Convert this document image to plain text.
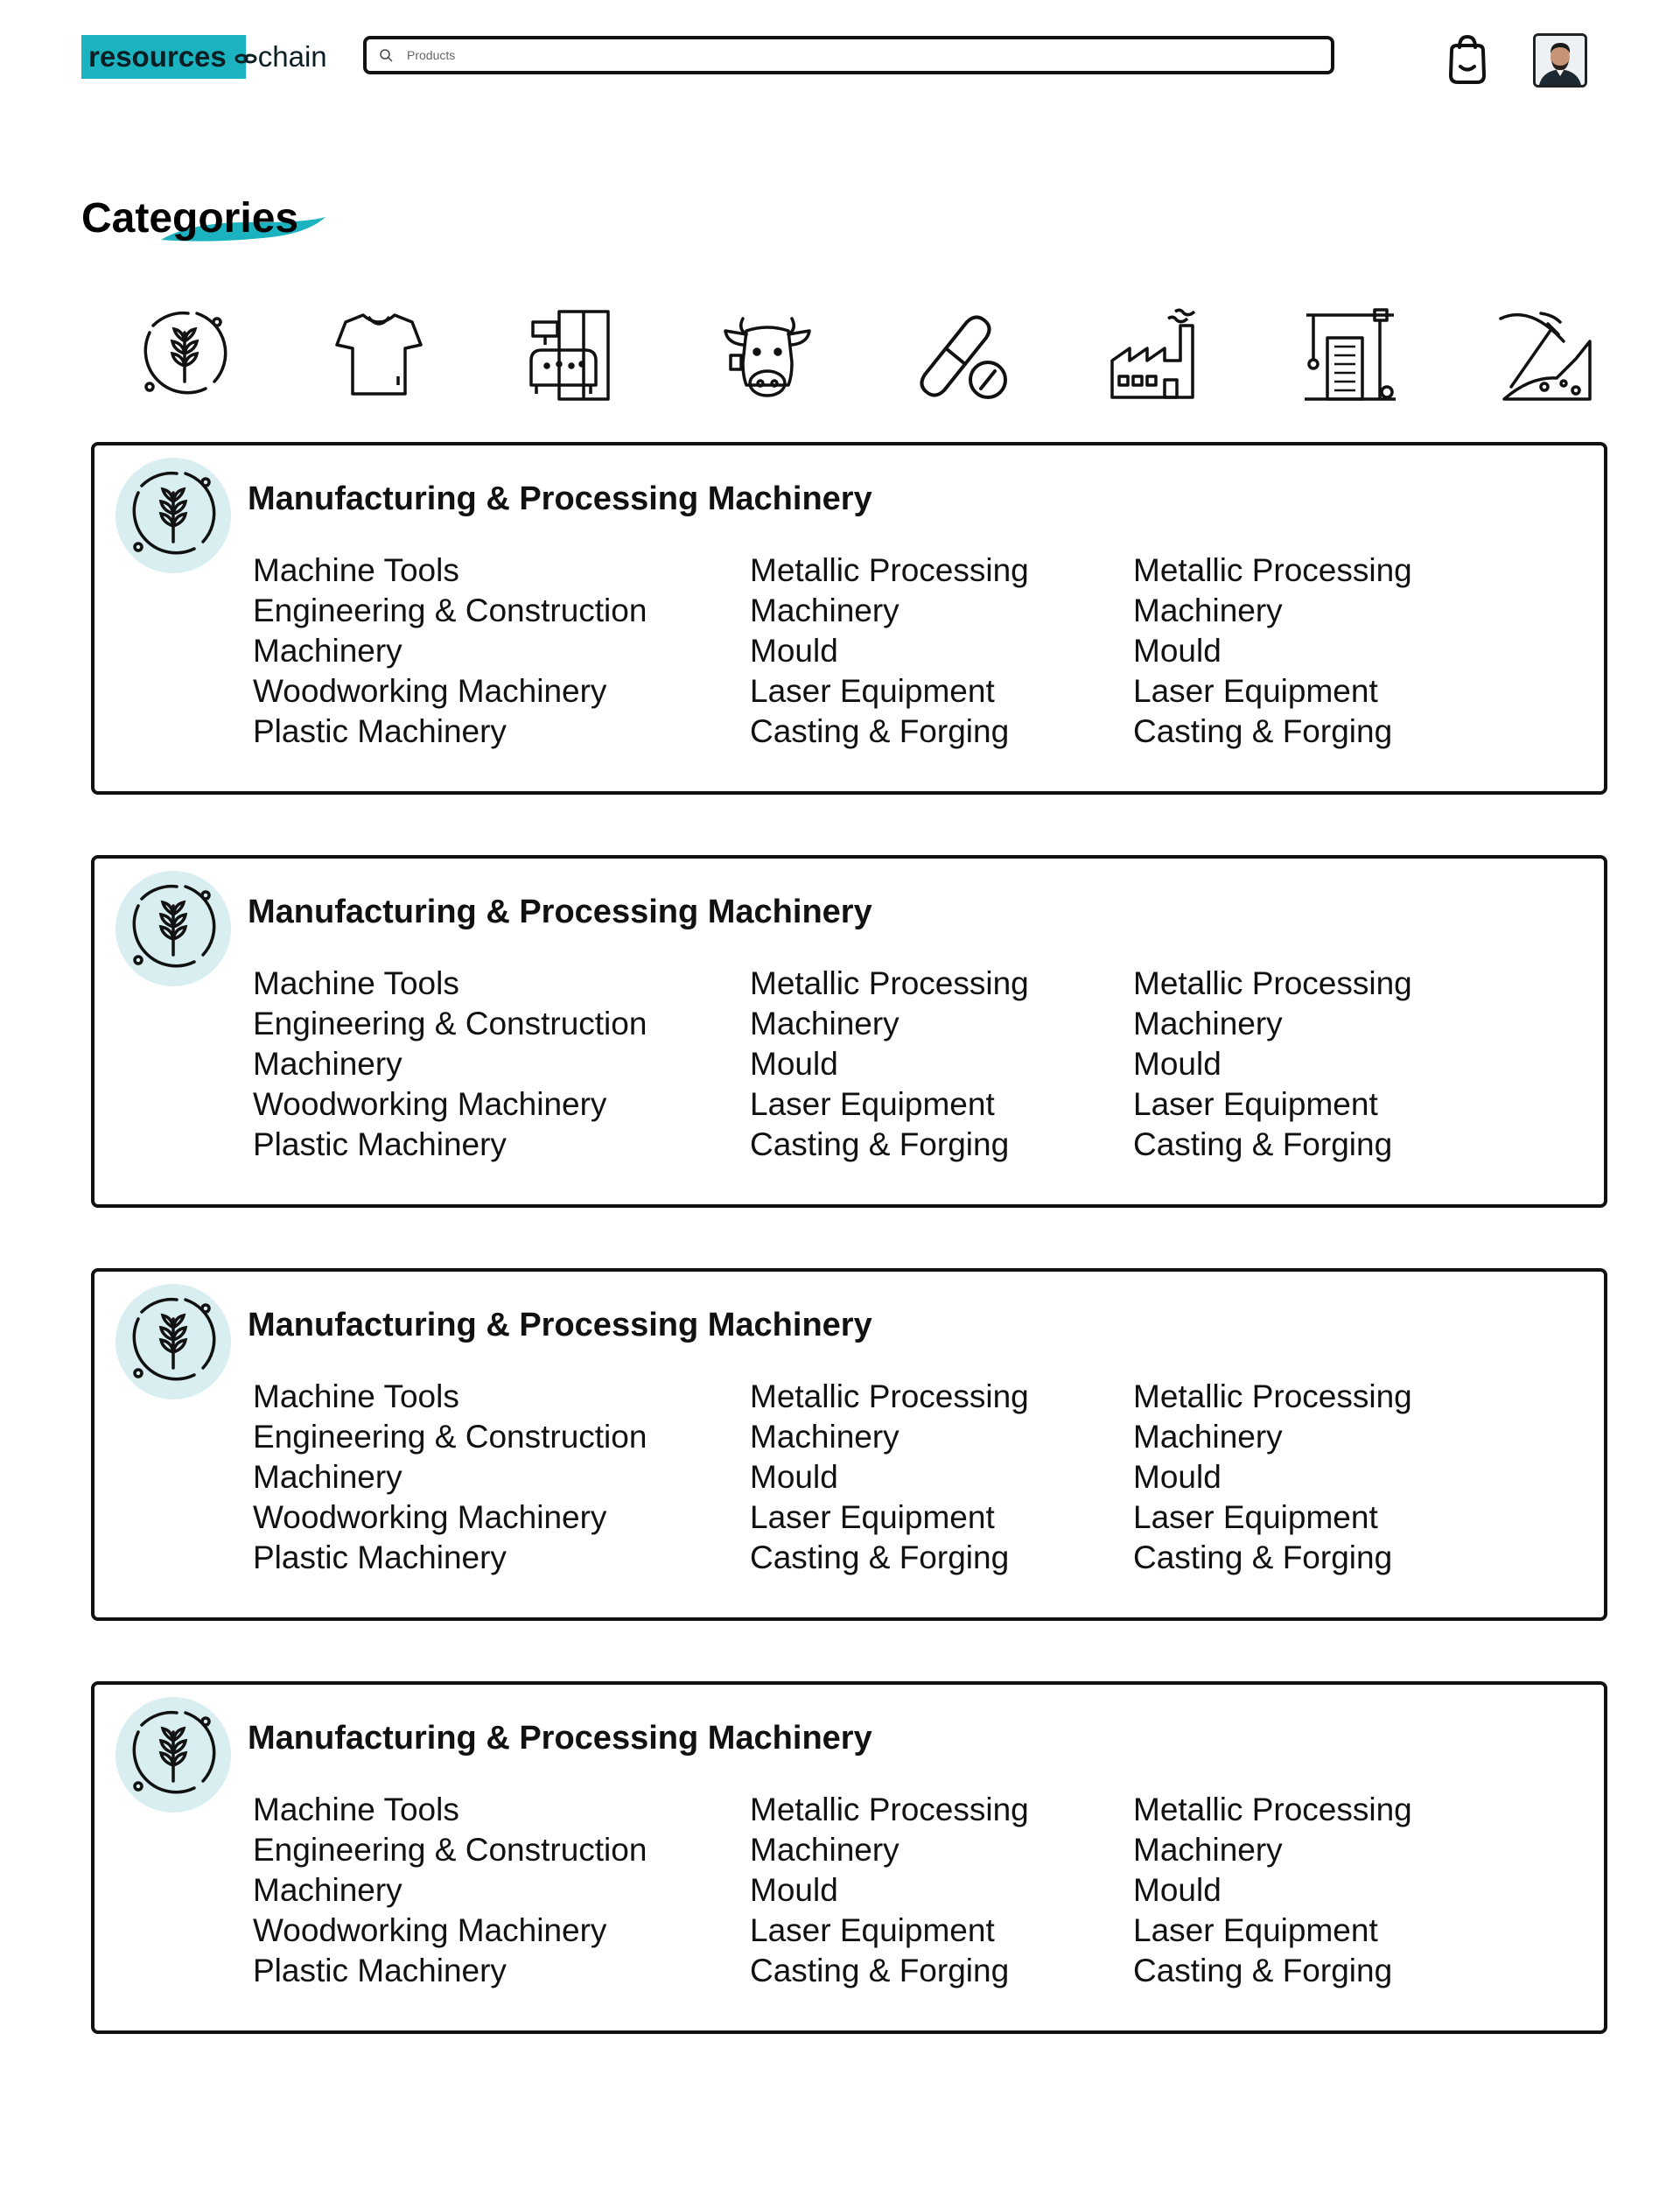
resources chain
Products
Categories
Manufacturing & Processing Machinery
Machine Tools
Engineering & Construction
Machinery
Woodworking Machinery
Plastic Machinery
Metallic Processing
Machinery
Mould
Laser Equipment
Casting & Forging
Metallic Processing
Machinery
Mould
Laser Equipment
Casting & Forging
Manufacturing & Processing Machinery
Machine Tools
Engineering & Construction
Machinery
Woodworking Machinery
Plastic Machinery
Metallic Processing
Machinery
Mould
Laser Equipment
Casting & Forging
Metallic Processing
Machinery
Mould
Laser Equipment
Casting & Forging
Manufacturing & Processing Machinery
Machine Tools
Engineering & Construction
Machinery
Woodworking Machinery
Plastic Machinery
Metallic Processing
Machinery
Mould
Laser Equipment
Casting & Forging
Metallic Processing
Machinery
Mould
Laser Equipment
Casting & Forging
Manufacturing & Processing Machinery
Machine Tools
Engineering & Construction
Machinery
Woodworking Machinery
Plastic Machinery
Metallic Processing
Machinery
Mould
Laser Equipment
Casting & Forging
Metallic Processing
Machinery
Mould
Laser Equipment
Casting & Forging
